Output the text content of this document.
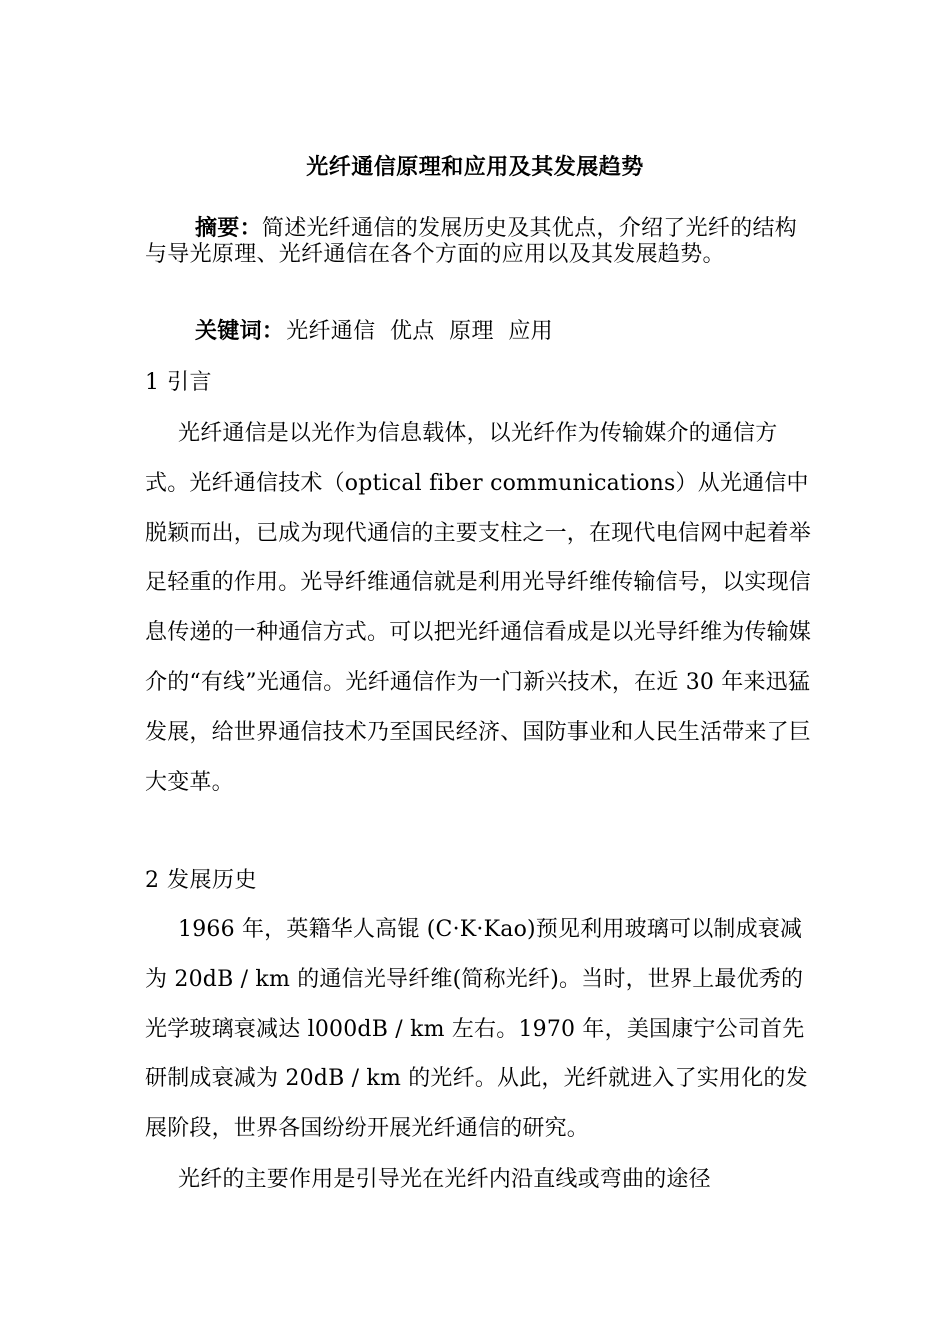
光纤通信原理和应用及其发展趋势
摘要：简述光纤通信的发展历史及其优点，介绍了光纤的结构与导光原理、光纤通信在各个方面的应用以及其发展趋势。
关键词：光纤通信  优点  原理  应用
1 引言
光纤通信是以光作为信息载体，以光纤作为传输媒介的通信方式。光纤通信技术（optical fiber communications）从光通信中脱颖而出，已成为现代通信的主要支柱之一，在现代电信网中起着举足轻重的作用。光导纤维通信就是利用光导纤维传输信号，以实现信息传递的一种通信方式。可以把光纤通信看成是以光导纤维为传输媒介的“有线”光通信。光纤通信作为一门新兴技术，在近 30 年来迅猛发展，给世界通信技术乃至国民经济、国防事业和人民生活带来了巨大变革。
2 发展历史
1966 年，英籍华人高锟 (C·K·Kao)预见利用玻璃可以制成衰减为 20dB / km 的通信光导纤维(简称光纤)。当时，世界上最优秀的光学玻璃衰减达 l000dB / km 左右。1970 年，美国康宁公司首先研制成衰减为 20dB / km 的光纤。从此，光纤就进入了实用化的发展阶段，世界各国纷纷开展光纤通信的研究。
光纤的主要作用是引导光在光纤内沿直线或弯曲的途径
